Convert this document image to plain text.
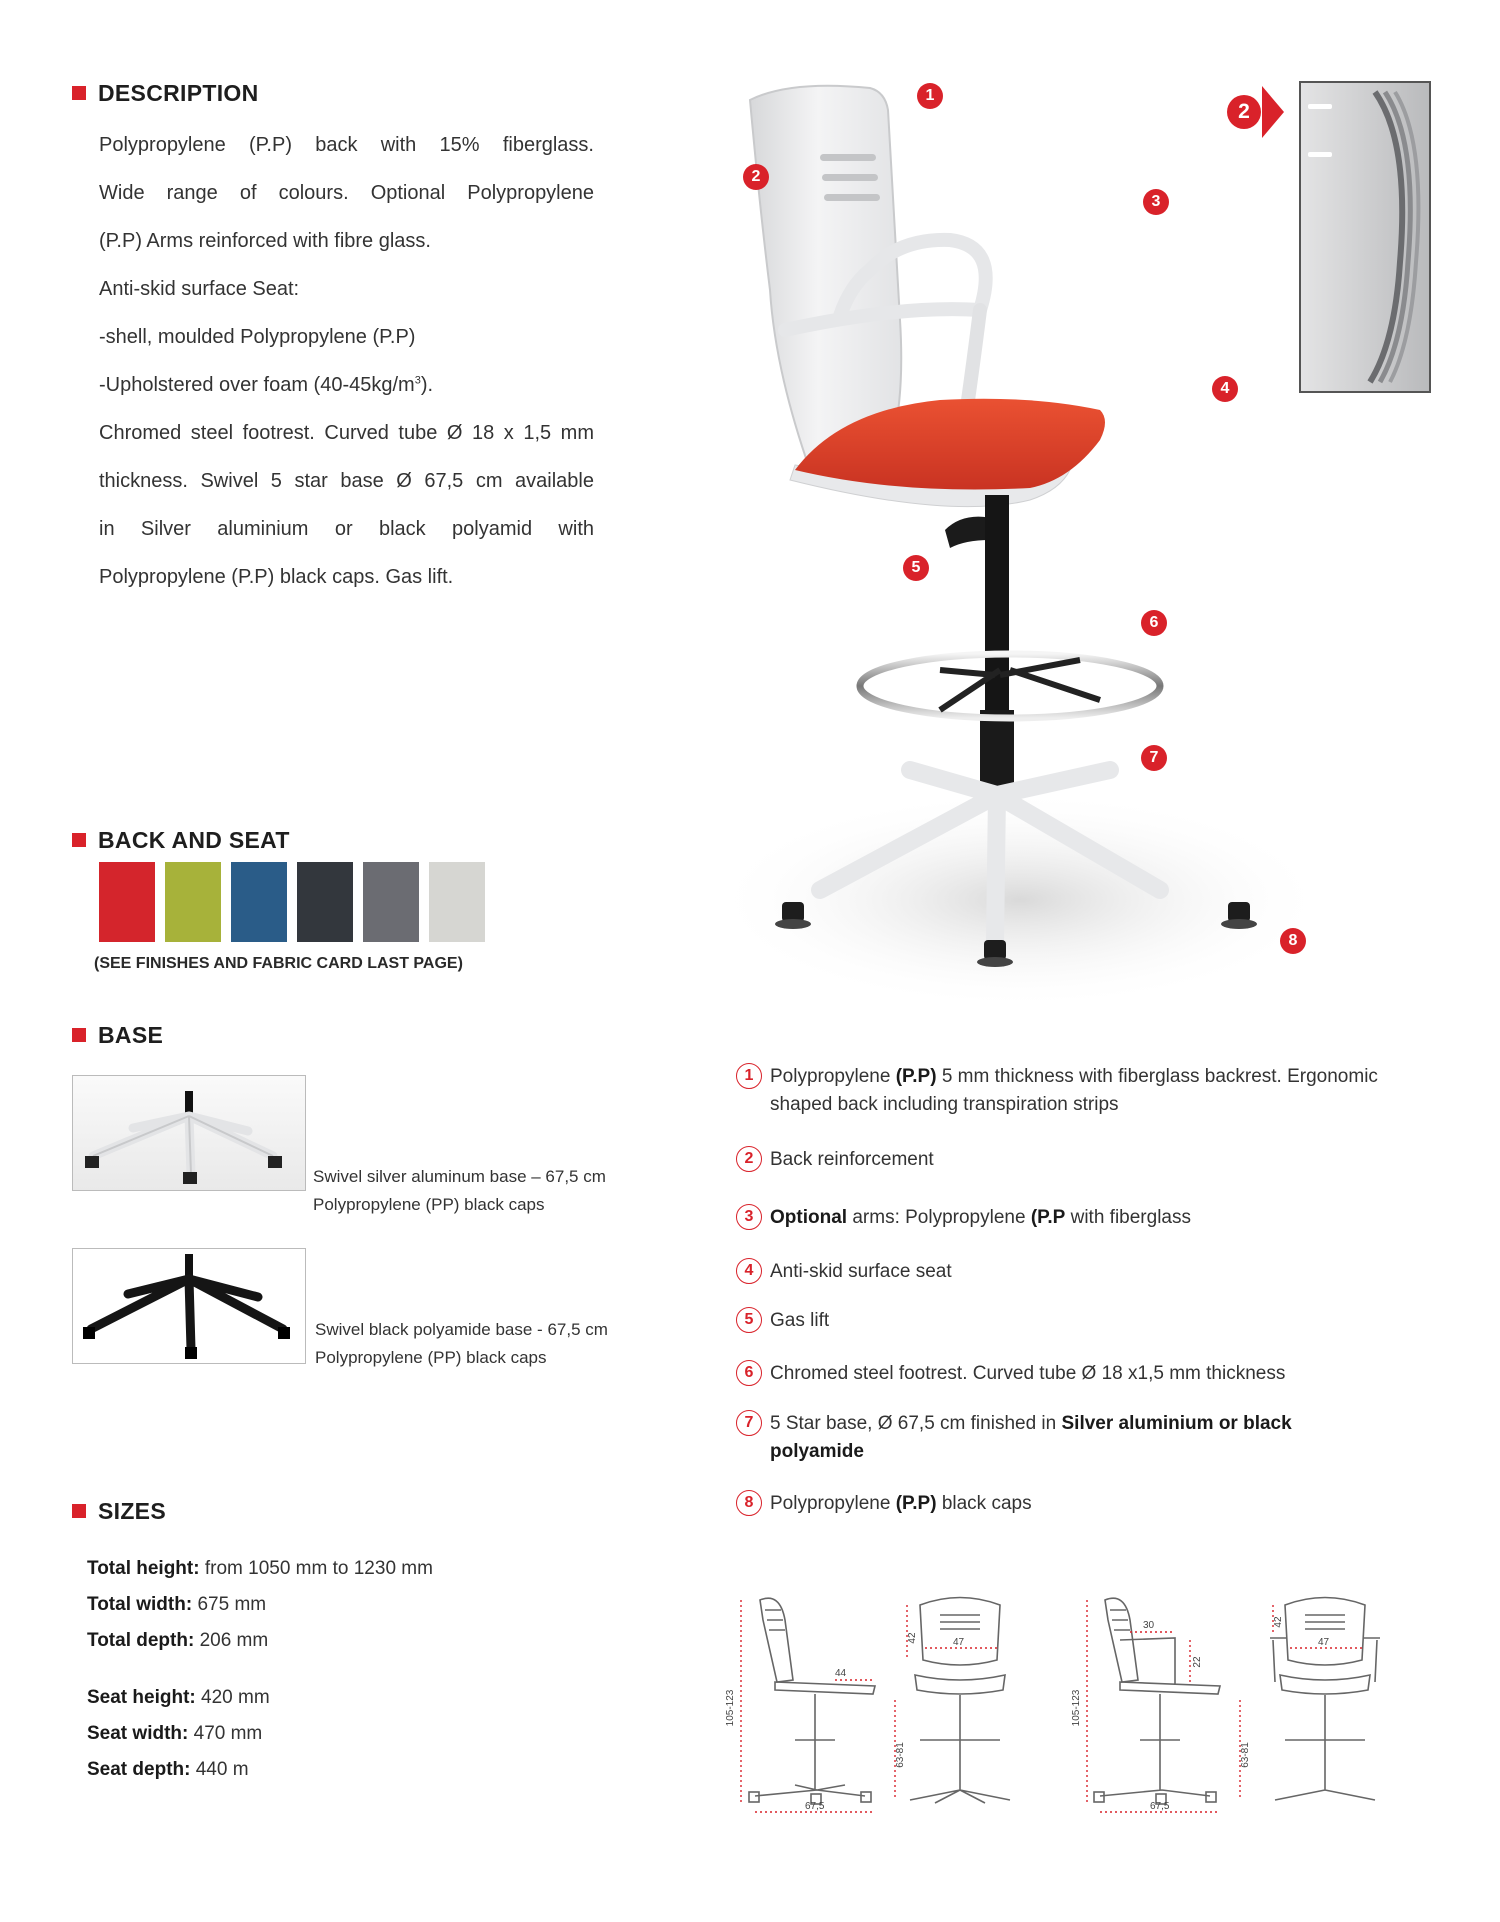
DESCRIPTION
Polypropylene (P.P) back with 15% fiberglass.
Wide range of colours. Optional Polypropylene
(P.P) Arms reinforced with fibre glass.
Anti-skid surface Seat:
-shell, moulded Polypropylene (P.P)
-Upholstered over foam $(40-45kg/m^3)$.
Chromed steel footrest. Curved tube Ø 18 x 1,5 mm
thickness. Swivel 5 star base Ø 67,5 cm available
in Silver aluminium or black polyamid with
Polypropylene (P.P) black caps. Gas lift.
1
2
3
4
5
6
7
8
2
BACK AND SEAT
(SEE FINISHES AND FABRIC CARD LAST PAGE)
BASE
Swivel silver aluminum base – 67,5 cm
Polypropylene (PP) black caps
Swivel black polyamide base - 67,5 cm
Polypropylene (PP) black caps
SIZES
Total height: from 1050 mm to 1230 mm
Total width: 675 mm
Total depth: 206 mm
Seat height: 420 mm
Seat width: 470 mm
Seat depth: 440 m
1 Polypropylene (P.P) 5 mm thickness with fiberglass backrest. Ergonomic
shaped back including transpiration strips
2 Back reinforcement
3 Optional arms: Polypropylene (P.P with fiberglass
4 Anti-skid surface seat
5 Gas lift
6 Chromed steel footrest. Curved tube Ø 18 x1,5 mm thickness
7 5 Star base, Ø 67,5 cm finished in Silver aluminium or black
polyamide
8 Polypropylene (P.P) black caps
105-123
44
67,5
63-81
42	47
105-123
30
22
67,5
63-81
42
47
